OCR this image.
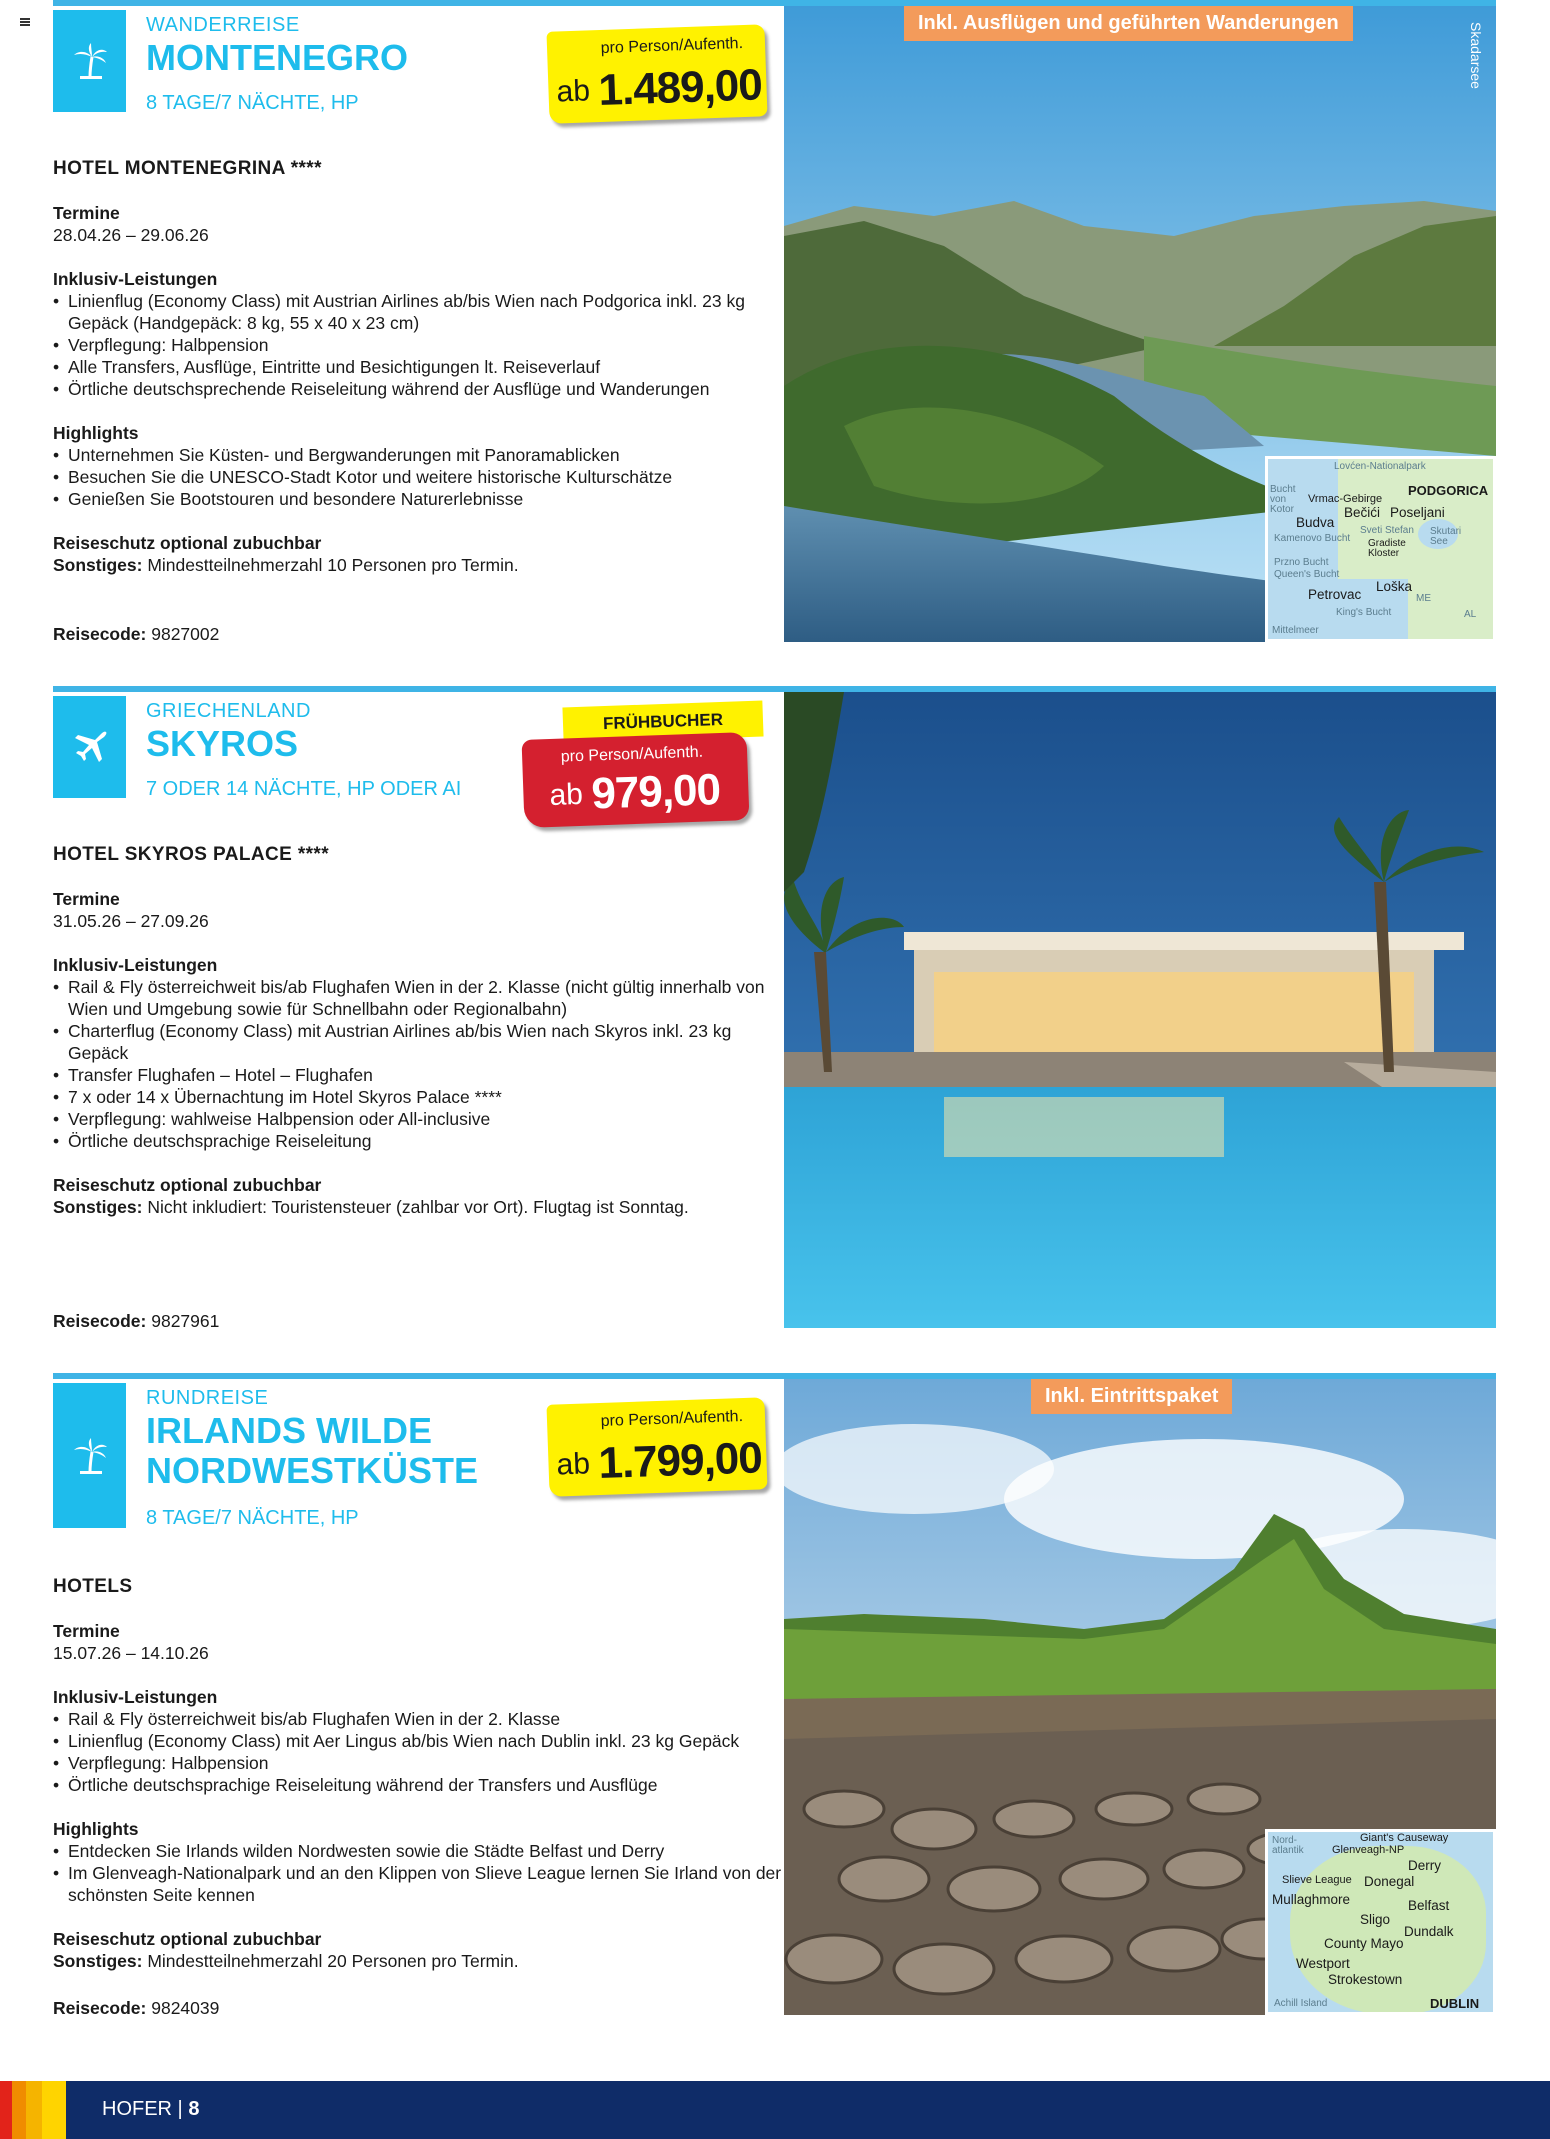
WANDERREISE
MONTENEGRO
8 TAGE/7 NÄCHTE, HP
pro Person/Aufenth.
ab 1.489,00
HOTEL MONTENEGRINA ****
Termine
28.04.26 – 29.06.26
Inklusiv-Leistungen
• Linienflug (Economy Class) mit Austrian Airlines ab/bis Wien nach Podgorica inkl. 23 kg Gepäck (Handgepäck: 8 kg, 55 x 40 x 23 cm)
• Verpflegung: Halbpension
• Alle Transfers, Ausflüge, Eintritte und Besichtigungen lt. Reiseverlauf
• Örtliche deutschsprechende Reiseleitung während der Ausflüge und Wanderungen
Highlights
• Unternehmen Sie Küsten- und Bergwanderungen mit Panoramablicken
• Besuchen Sie die UNESCO-Stadt Kotor und weitere historische Kulturschätze
• Genießen Sie Bootstouren und besondere Naturerlebnisse
Reiseschutz optional zubuchbar
Sonstiges: Mindestteilnehmerzahl 10 Personen pro Termin.
Reisecode: 9827002
Inkl. Ausflügen und geführten Wanderungen	Skadarsee
Lovćen-Nationalpark
PODGORICA
Bucht von Kotor
Vrmac-Gebirge
Budva
Bečići Poseljani
Sveti Stefan
Kamenovo Bucht Gradiste Kloster
Skutari See
Przno Bucht
Queen's Bucht
Petrovac
Loška
ME
King's Bucht
Mittelmeer
AL
GRIECHENLAND
SKYROS
7 ODER 14 NÄCHTE, HP ODER AI
FRÜHBUCHER
pro Person/Aufenth.
ab 979,00
HOTEL SKYROS PALACE ****
Termine
31.05.26 – 27.09.26
Inklusiv-Leistungen
• Rail & Fly österreichweit bis/ab Flughafen Wien in der 2. Klasse (nicht gültig innerhalb von Wien und Umgebung sowie für Schnellbahn oder Regionalbahn)
• Charterflug (Economy Class) mit Austrian Airlines ab/bis Wien nach Skyros inkl. 23 kg Gepäck
• Transfer Flughafen – Hotel – Flughafen
• 7 x oder 14 x Übernachtung im Hotel Skyros Palace ****
• Verpflegung: wahlweise Halbpension oder All-inclusive
• Örtliche deutschsprachige Reiseleitung
Reiseschutz optional zubuchbar
Sonstiges: Nicht inkludiert: Touristensteuer (zahlbar vor Ort). Flugtag ist Sonntag.
Reisecode: 9827961
RUNDREISE
IRLANDS WILDE
NORDWESTKÜSTE
8 TAGE/7 NÄCHTE, HP
pro Person/Aufenth.
ab 1.799,00
HOTELS
Termine
15.07.26 – 14.10.26
Inklusiv-Leistungen
• Rail & Fly österreichweit bis/ab Flughafen Wien in der 2. Klasse
• Linienflug (Economy Class) mit Aer Lingus ab/bis Wien nach Dublin inkl. 23 kg Gepäck
• Verpflegung: Halbpension
• Örtliche deutschsprachige Reiseleitung während der Transfers und Ausflüge
Highlights
• Entdecken Sie Irlands wilden Nordwesten sowie die Städte Belfast und Derry
• Im Glenveagh-Nationalpark und an den Klippen von Slieve League lernen Sie Irland von der schönsten Seite kennen
Reiseschutz optional zubuchbar
Sonstiges: Mindestteilnehmerzahl 20 Personen pro Termin.
Reisecode: 9824039
Inkl. Eintrittspaket
Nord-atlantik
Giant's Causeway
Glenveagh-NP
Derry
Slieve League Donegal
Mullaghmore	Belfast
Sligo
Dundalk
County Mayo
Westport
Strokestown
Achill Island	DUBLIN
HOFER | 8
